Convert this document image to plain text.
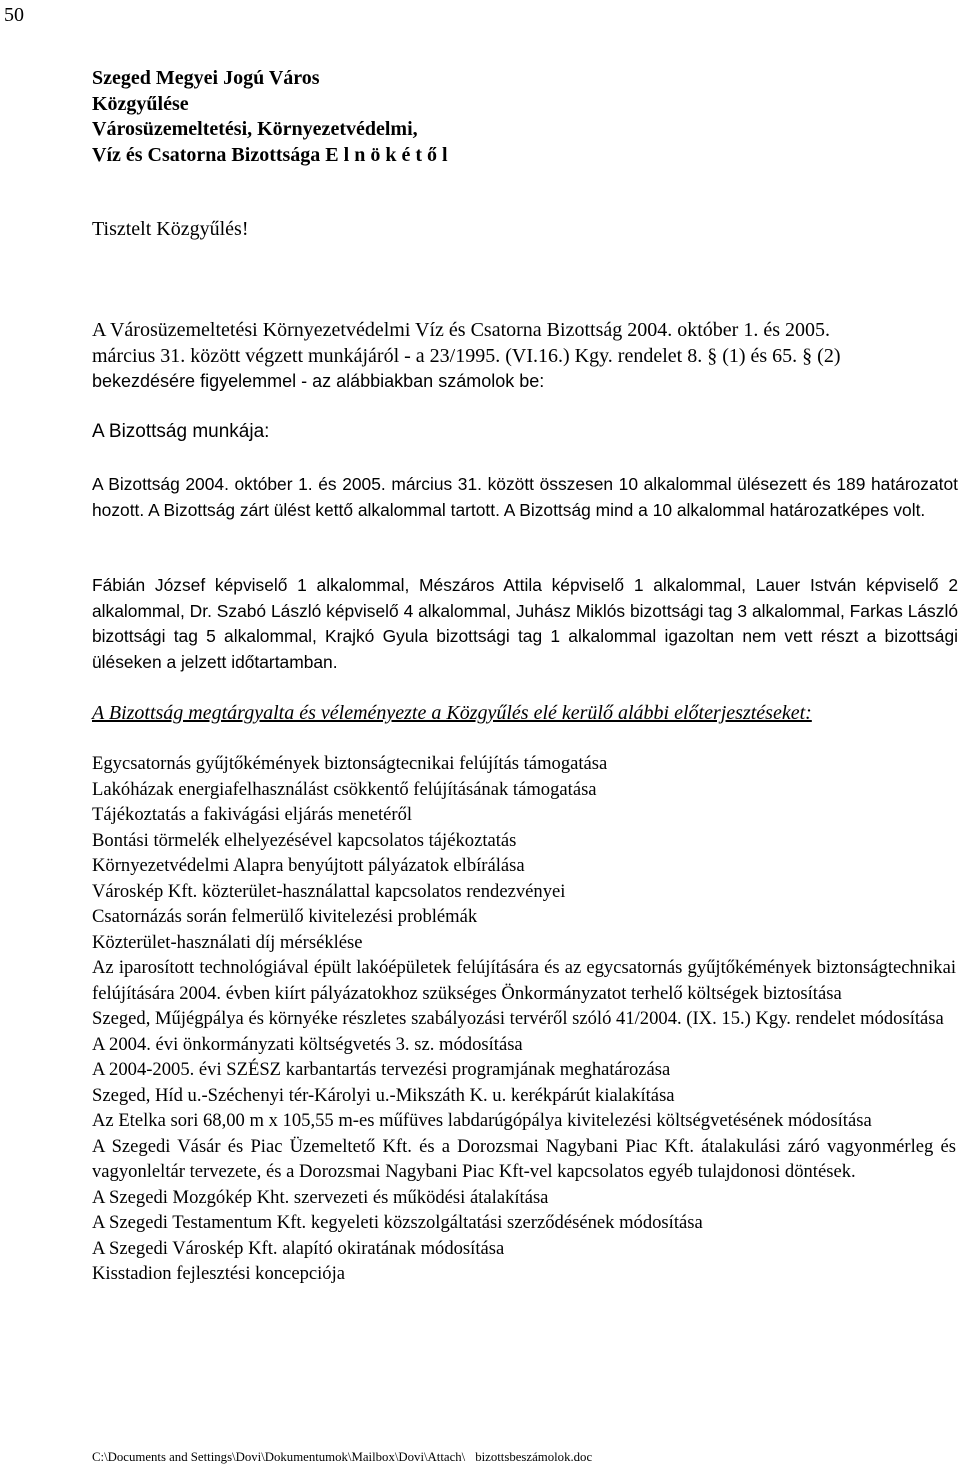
50
Szeged Megyei Jogú Város
Közgyűlése
Városüzemeltetési, Környezetvédelmi,
Víz és Csatorna Bizottsága E l n ö k é t ő l
Tisztelt Közgyűlés!
A Városüzemeltetési Környezetvédelmi Víz és Csatorna Bizottság 2004. október 1. és 2005.
március 31. között végzett munkájáról - a 23/1995. (VI.16.) Kgy. rendelet 8. § (1) és 65. § (2)
bekezdésére figyelemmel - az alábbiakban számolok be:
A Bizottság munkája:
A Bizottság 2004. október 1. és 2005. március 31. között összesen 10 alkalommal ülésezett és 189 határozatot hozott. A Bizottság zárt ülést kettő alkalommal tartott. A Bizottság mind a 10 alkalommal határozatképes volt.
Fábián József képviselő 1 alkalommal, Mészáros Attila képviselő 1 alkalommal, Lauer István képviselő 2 alkalommal, Dr. Szabó László képviselő 4 alkalommal, Juhász Miklós bizottsági tag 3 alkalommal, Farkas László bizottsági tag 5 alkalommal, Krajkó Gyula bizottsági tag 1 alkalommal igazoltan nem vett részt a bizottsági üléseken a jelzett időtartamban.
A Bizottság megtárgyalta és véleményezte a Közgyűlés elé kerülő alábbi előterjesztéseket:
Egycsatornás gyűjtőkémények biztonságtecnikai felújítás támogatása
Lakóházak energiafelhasználást csökkentő felújításának támogatása
Tájékoztatás a fakivágási eljárás menetéről
Bontási törmelék elhelyezésével kapcsolatos tájékoztatás
Környezetvédelmi Alapra benyújtott pályázatok elbírálása
Városkép Kft. közterület-használattal kapcsolatos rendezvényei
Csatornázás során felmerülő kivitelezési problémák
Közterület-használati díj mérséklése
Az iparosított technológiával épült lakóépületek felújítására és az egycsatornás gyűjtőkémények biztonságtechnikai felújítására 2004. évben kiírt pályázatokhoz szükséges Önkormányzatot terhelő költségek biztosítása
Szeged, Műjégpálya és környéke részletes szabályozási tervéről szóló 41/2004. (IX. 15.) Kgy. rendelet módosítása
A 2004. évi önkormányzati költségvetés 3. sz. módosítása
A 2004-2005. évi SZÉSZ karbantartás tervezési programjának meghatározása
Szeged, Híd u.-Széchenyi tér-Károlyi u.-Mikszáth K. u. kerékpárút kialakítása
Az Etelka sori 68,00 m x 105,55 m-es műfüves labdarúgópálya kivitelezési költségvetésének módosítása
A Szegedi Vásár és Piac Üzemeltető Kft. és a Dorozsmai Nagybani Piac Kft. átalakulási záró vagyonmérleg és vagyonleltár tervezete, és a Dorozsmai Nagybani Piac Kft-vel kapcsolatos egyéb tulajdonosi döntések.
A Szegedi Mozgókép Kht. szervezeti és működési átalakítása
A Szegedi Testamentum Kft. kegyeleti közszolgáltatási szerződésének módosítása
A Szegedi Városkép Kft. alapító okiratának módosítása
Kisstadion fejlesztési koncepciója
C:\Documents and Settings\Dovi\Dokumentumok\Mailbox\Dovi\Attach\ bizottsbeszámolok.doc
